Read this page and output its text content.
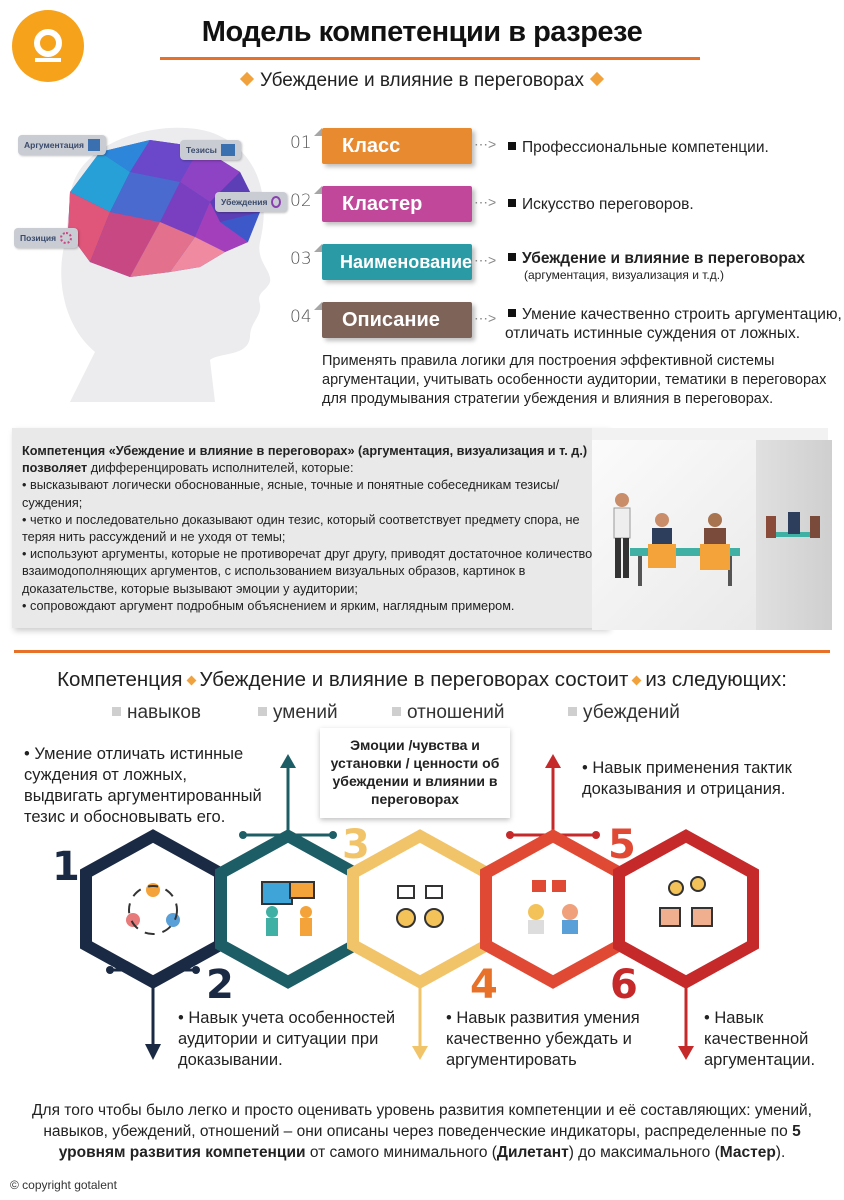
Модель компетенции в разрезе
Убеждение и влияние в переговорах
Аргументация	Тезисы
Убеждения
Позиция
01	Класс	⋯>	Профессиональные компетенции.
02	Кластер	⋯>	Искусство переговоров.
03	Наименование ⋯>	Убеждение и влияние в переговорах
(аргументация, визуализация и т.д.)
04	Описание	⋯>	Умение качественно строить аргументацию,
отличать истинные суждения от ложных.
Применять правила логики для построения эффективной системы аргументации, учитывать особенности аудитории, тематики в переговорах для продумывания стратегии убеждения и влияния в переговорах.
Компетенция «Убеждение и влияние в переговорах» (аргументация, визуализация и т. д.)
позволяет дифференцировать исполнителей, которые:
• высказывают логически обоснованные, ясные, точные и понятные собеседникам тезисы/суждения;
• четко и последовательно доказывают один тезис, который соответствует предмету спора, не теряя нить рассуждений и не уходя от темы;
• используют аргументы, которые не противоречат друг другу, приводят достаточное количество взаимодополняющих аргументов, с использованием визуальных образов, картинок в доказательстве, которые вызывают эмоции у аудитории;
• сопровождают аргумент подробным объяснением и ярким, наглядным примером.
Компетенция Убеждение и влияние в переговорах состоит из следующих:
навыков	умений	отношений	убеждений
• Умение отличать истинные суждения от ложных, выдвигать аргументированный тезис и обосновывать его.
Эмоции /чувства и установки / ценности об убеждении и влиянии в переговорах
• Навык применения тактик доказывания и отрицания.
• Навык учета особенностей аудитории и ситуации при доказывании.
• Навык развития умения качественно убеждать и аргументировать
• Навык качественной аргументации.
1
2
3
4
5
6
Для того чтобы было легко и просто оценивать уровень развития компетенции и её составляющих: умений, навыков, убеждений, отношений – они описаны через поведенческие индикаторы, распределенные по 5 уровням развития компетенции от самого минимального (Дилетант) до максимального (Мастер).
© copyright gotalent
